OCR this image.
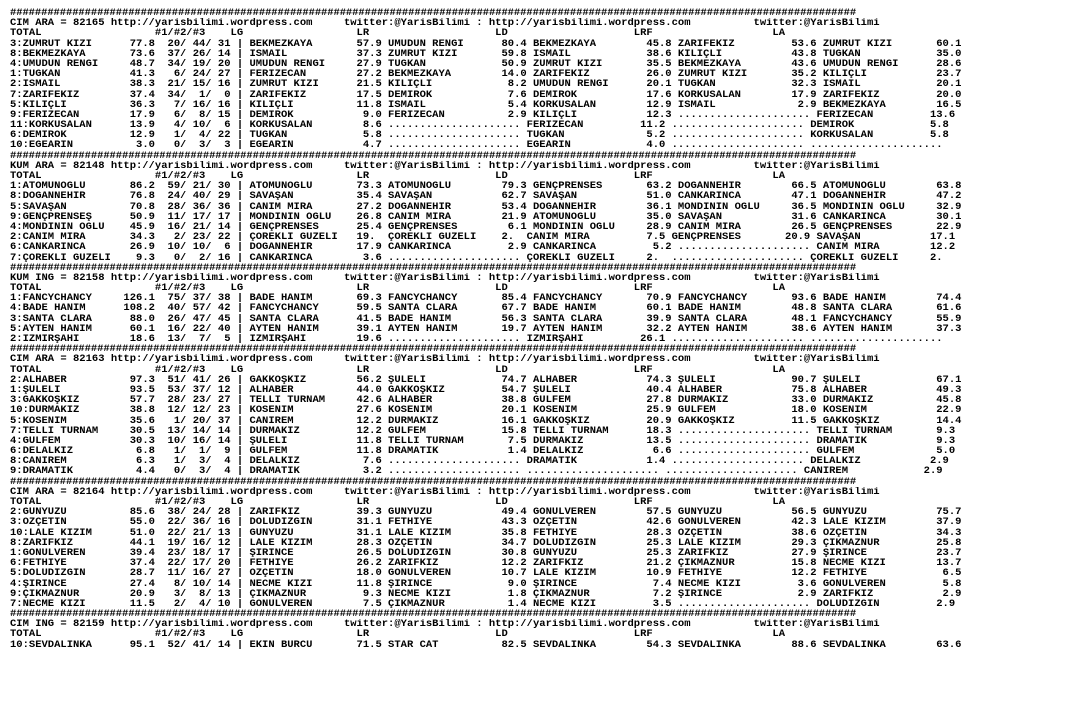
########################################################################################################################################
CIM ARA = 82165 http://yarisbilimi.wordpress.com     twitter:@YarisBilimi : http://yarisbilimi.wordpress.com          twitter:@YarisBilimi
TOTAL                  #1/#2/#3    LG                  LR                    LD                    LRF                   LA
3:ZÜMRÜT KIZI      77.8  20/ 44/ 31 | BEKMEZKAYA       57.9 UMUDUN RENGİ      80.4 BEKMEZKAYA        45.8 ZARİFEKİZ         53.6 ZÜMRÜT KIZI       60.1
8:BEKMEZKAYA       73.6  37/ 26/ 14 | İSMAİL           37.3 ZÜMRÜT KIZI       59.8 İSMAİL            38.6 KILIÇLI           43.8 TUĞKAN            35.0
4:UMUDUN RENGİ     48.7  34/ 19/ 20 | UMUDUN RENGİ     27.9 TUĞKAN            50.9 ZÜMRÜT KIZI       35.5 BEKMEZKAYA        43.6 UMUDUN RENGİ      28.6
1:TUĞKAN           41.3   6/ 24/ 27 | FERİZECAN        27.2 BEKMEZKAYA        14.0 ZARİFEKİZ         26.0 ZÜMRÜT KIZI       35.2 KILIÇLI           23.7
2:İSMAİL           38.3  21/ 15/ 16 | ZÜMRÜT KIZI      21.5 KILIÇLI            8.2 UMUDUN RENGİ      20.1 TUĞKAN            32.3 İSMAİL            20.1
7:ZARİFEKİZ        37.4  34/  1/  0 | ZARİFEKİZ        17.5 DEMİROK            7.6 DEMİROK           17.6 KORKUSALAN        17.9 ZARİFEKİZ         20.0
5:KILIÇLI          36.3   7/ 16/ 16 | KILIÇLI          11.8 İSMAİL             5.4 KORKUSALAN        12.9 İSMAİL             2.9 BEKMEZKAYA        16.5
9:FERİZECAN        17.9   6/  8/ 15 | DEMİROK           9.0 FERİZECAN          2.9 KILIÇLI           12.3 ..................... FERİZECAN         13.6
11:KORKUSALAN      13.9   4/ 10/  6 | KORKUSALAN        8.6 ..................... FERİZECAN         11.2 ..................... DEMİROK            5.8
6:DEMİROK          12.9   1/  4/ 22 | TUĞKAN            5.8 ..................... TUĞKAN             5.2 ..................... KORKUSALAN         5.8
10:EGEARIN          3.0   0/  3/  3 | EGEARIN           4.7 ..................... EGEARIN            4.0 ..................... .....................
########################################################################################################################################
KUM ARA = 82148 http://yarisbilimi.wordpress.com     twitter:@YarisBilimi : http://yarisbilimi.wordpress.com          twitter:@YarisBilimi
TOTAL                  #1/#2/#3    LG                  LR                    LD                    LRF                   LA
1:ATOMUNOĞLU       86.2  59/ 21/ 30 | ATOMUNOĞLU       73.3 ATOMUNOĞLU        79.3 GENÇPRENSES       63.2 DOĞANNEHİR        66.5 ATOMUNOĞLU        63.8
8:DOĞANNEHİR       76.8  24/ 40/ 29 | SAVAŞAN          35.4 SAVAŞAN           62.7 SAVAŞAN           51.0 CANKARINCA        47.1 DOĞANNEHİR        47.2
5:SAVAŞAN          70.8  28/ 36/ 36 | CANIM MİRA       27.2 DOĞANNEHİR        53.4 DOĞANNEHİR        36.1 MONDİNİN OĞLU     36.5 MONDİNİN OĞLU     32.9
9:GENÇPRENSEŞ      50.9  11/ 17/ 17 | MONDİNİN OĞLU    26.8 CANIM MİRA        21.9 ATOMUNOĞLU        35.0 SAVAŞAN           31.6 CANKARINCA        30.1
4:MONDİNİN OĞLU    45.9  16/ 21/ 14 | GENÇPRENSES      25.4 GENÇPRENSES        6.1 MONDİNİN OĞLU     28.9 CANIM MİRA        26.5 GENÇPRENSES       22.9
2:CANIM MİRA       34.3   2/ 23/ 22 | ÇÖREKLİ GÜZELİ   19.  ÇÖREKLİ GÜZELİ    2.  CANIM MİRA         7.5 GENÇPRENSES       20.9 SAVAŞAN           17.1
6:CANKARINCA       26.9  10/ 10/  6 | DOĞANNEHİR       17.9 CANKARINCA         2.9 CANKARINCA         5.2 ..................... CANIM MİRA        12.2
7:ÇÖREKLİ GÜZELİ    9.3   0/  2/ 16 | CANKARINCA        3.6 ..................... ÇÖREKLİ GÜZELİ     2.  ..................... ÇÖREKLİ GÜZELİ     2.
########################################################################################################################################
KUM ING = 82158 http://yarisbilimi.wordpress.com     twitter:@YarisBilimi : http://yarisbilimi.wordpress.com          twitter:@YarisBilimi
TOTAL                  #1/#2/#3    LG                  LR                    LD                    LRF                   LA
1:FANCYCHANCY     126.1  75/ 37/ 38 | BADE HANIM       69.3 FANCYCHANCY       85.4 FANCYCHANCY       70.9 FANCYCHANCY       93.6 BADE HANIM        74.4
4:BADE HANIM      108.2  40/ 57/ 42 | FANCYCHANCY      59.5 SANTA CLARA       67.7 BADE HANIM        60.1 BADE HANIM        48.8 SANTA CLARA       61.6
3:SANTA CLARA      88.0  26/ 47/ 45 | SANTA CLARA      41.5 BADE HANIM        56.3 SANTA CLARA       39.9 SANTA CLARA       48.1 FANCYCHANCY       55.9
5:AYTEN HANIM      60.1  16/ 22/ 40 | AYTEN HANIM      39.1 AYTEN HANIM       19.7 AYTEN HANIM       32.2 AYTEN HANIM       38.6 AYTEN HANIM       37.3
2:İZMİRŞAHI        18.6  13/  7/  5 | İZMİRŞAHI        19.6 ..................... İZMİRŞAHI         26.1 ..................... .....................
########################################################################################################################################
CIM ARA = 82163 http://yarisbilimi.wordpress.com     twitter:@YarisBilimi : http://yarisbilimi.wordpress.com          twitter:@YarisBilimi
TOTAL                  #1/#2/#3    LG                  LR                    LD                    LRF                   LA
2:ALHABER          97.3  51/ 41/ 26 | GAKKOŞKIZ        56.2 ŞULELİ            74.7 ALHABER           74.3 ŞULELİ            90.7 ŞULELİ            67.1
1:ŞULELİ           93.5  53/ 37/ 12 | ALHABER          44.0 GAKKOŞKIZ         54.7 ŞULELİ            40.4 ALHABER           75.8 ALHABER           49.3
3:GAKKOŞKIZ        57.7  28/ 23/ 27 | TELLİ TURNAM     42.6 ALHABER           38.8 GÜLFEM            27.8 DURMAKIZ          33.0 DURMAKIZ          45.8
10:DURMAKIZ        38.8  12/ 12/ 23 | KÖSENİM          27.6 KÖSENİM           20.1 KÖSENİM           25.9 GÜLFEM            18.0 KÖSENİM           22.9
5:KÖSENİM          35.6   1/ 20/ 37 | CANİREM          12.2 DURMAKIZ          16.1 GAKKOŞKIZ         20.9 GAKKOŞKIZ         11.5 GAKKOŞKIZ         14.4
7:TELLİ TURNAM     30.5  13/ 14/ 14 | DURMAKIZ         12.2 GÜLFEM            15.8 TELLİ TURNAM      18.3 ..................... TELLİ TURNAM       9.3
4:GÜLFEM           30.3  10/ 16/ 14 | ŞULELİ           11.8 TELLİ TURNAM       7.5 DURMAKIZ          13.5 ..................... DRAMATİK           9.3
6:DELALKIZ          6.8   1/  1/  9 | GÜLFEM           11.8 DRAMATİK           1.4 DELALKIZ           6.6 ..................... GÜLFEM             5.0
8:CANİREM           6.3   1/  3/  4 | DELALKIZ          7.6 ..................... DRAMATİK           1.4 ..................... DELALKIZ           2.9
9:DRAMATİK          4.4   0/  3/  4 | DRAMATİK          3.2 ..................... ..................... ..................... CANİREM            2.9
########################################################################################################################################
CIM ARA = 82164 http://yarisbilimi.wordpress.com     twitter:@YarisBilimi : http://yarisbilimi.wordpress.com          twitter:@YarisBilimi
TOTAL                  #1/#2/#3    LG                  LR                    LD                    LRF                   LA
2:GÜNYÜZÜ          85.6  38/ 24/ 28 | ZARİFKIZ         39.3 GÜNYÜZÜ           49.4 GÖNÜLVEREN        57.5 GÜNYÜZÜ           56.5 GÜNYÜZÜ           75.7
3:ÖZÇETİN          55.0  22/ 36/ 16 | DOLUDİZGİN       31.1 FETHİYE           43.3 ÖZÇETİN           42.6 GÖNÜLVEREN        42.3 LALE KIZIM        37.9
10:LALE KIZIM      51.0  22/ 21/ 13 | GÜNYÜZÜ          31.1 LALE KIZIM        35.8 FETHİYE           28.3 ÖZÇETİN           38.6 ÖZÇETİN           34.3
8:ZARİFKIZ         44.1  19/ 16/ 12 | LALE KIZIM       28.3 ÖZÇETİN           34.7 DOLUDİZGİN        25.3 LALE KIZIM        29.3 ÇIKMAZNUR         25.8
1:GÖNÜLVEREN       39.4  23/ 18/ 17 | ŞİRİNCE          26.5 DOLUDİZGİN        30.8 GÜNYÜZÜ           25.3 ZARİFKIZ          27.9 ŞİRİNCE           23.7
6:FETHİYE          37.4  22/ 17/ 20 | FETHİYE          26.2 ZARİFKIZ          12.2 ZARİFKIZ          21.2 ÇIKMAZNUR         15.8 NECME KIZI        13.7
5:DOLUDİZGİN       28.7  11/ 16/ 27 | ÖZÇETİN          18.0 GÖNÜLVEREN        10.7 LALE KIZIM        10.9 FETHİYE           12.2 FETHİYE            6.5
4:ŞİRİNCE          27.4   8/ 10/ 14 | NECME KIZI       11.8 ŞİRİNCE            9.0 ŞİRİNCE            7.4 NECME KIZI         3.6 GÖNÜLVEREN         5.8
9:ÇIKMAZNUR        20.9   3/  8/ 13 | ÇIKMAZNUR         9.3 NECME KIZI         1.8 ÇIKMAZNUR          7.2 ŞİRİNCE            2.9 ZARİFKIZ           2.9
7:NECME KIZI       11.5   2/  4/ 10 | GÖNÜLVEREN        7.5 ÇIKMAZNUR          1.4 NECME KIZI         3.5 ..................... DOLUDİZGİN         2.9
########################################################################################################################################
CIM ING = 82159 http://yarisbilimi.wordpress.com     twitter:@YarisBilimi : http://yarisbilimi.wordpress.com          twitter:@YarisBilimi
TOTAL                  #1/#2/#3    LG                  LR                    LD                    LRF                   LA
10:SEVDALİNKA      95.1  52/ 41/ 14 | EKİN BURCU       71.5 STAR CAT          82.5 SEVDALİNKA        54.3 SEVDALİNKA        88.6 SEVDALİNKA        63.6
